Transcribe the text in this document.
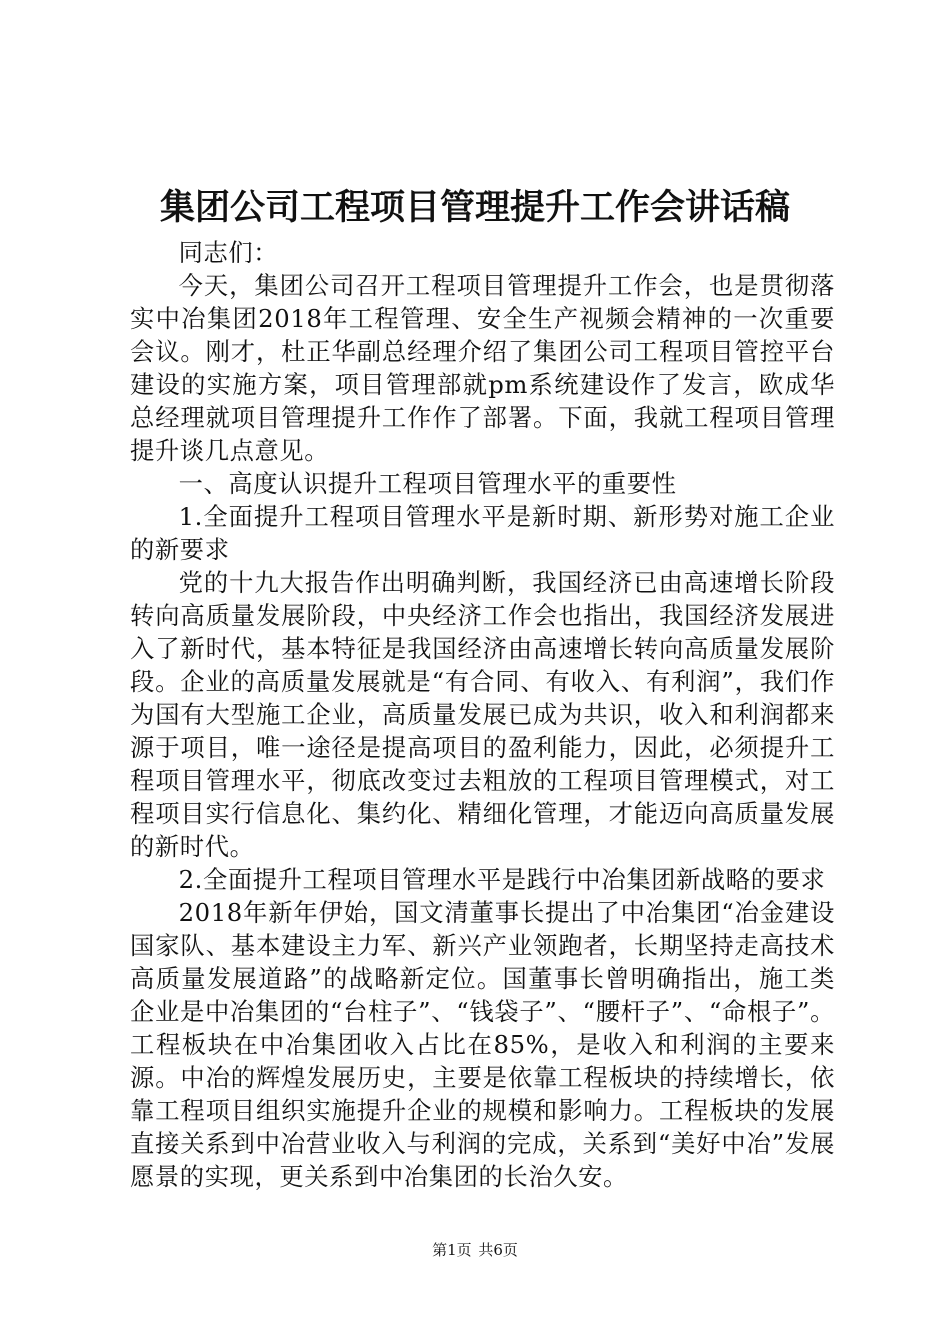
集团公司工程项目管理提升工作会讲话稿

同志们：

今天，集团公司召开工程项目管理提升工作会，也是贯彻落实中冶集团2018年工程管理、安全生产视频会精神的一次重要会议。刚才，杜正华副总经理介绍了集团公司工程项目管控平台建设的实施方案，项目管理部就pm系统建设作了发言，欧成华总经理就项目管理提升工作作了部署。下面，我就工程项目管理提升谈几点意见。

一、高度认识提升工程项目管理水平的重要性

1.全面提升工程项目管理水平是新时期、新形势对施工企业的新要求

党的十九大报告作出明确判断，我国经济已由高速增长阶段转向高质量发展阶段，中央经济工作会也指出，我国经济发展进入了新时代，基本特征是我国经济由高速增长转向高质量发展阶段。企业的高质量发展就是“有合同、有收入、有利润”，我们作为国有大型施工企业，高质量发展已成为共识，收入和利润都来源于项目，唯一途径是提高项目的盈利能力，因此，必须提升工程项目管理水平，彻底改变过去粗放的工程项目管理模式，对工程项目实行信息化、集约化、精细化管理，才能迈向高质量发展的新时代。

2.全面提升工程项目管理水平是践行中冶集团新战略的要求

2018年新年伊始，国文清董事长提出了中冶集团“冶金建设国家队、基本建设主力军、新兴产业领跑者，长期坚持走高技术高质量发展道路”的战略新定位。国董事长曾明确指出，施工类企业是中冶集团的“台柱子”、“钱袋子”、“腰杆子”、“命根子”。工程板块在中冶集团收入占比在85%，是收入和利润的主要来源。中冶的辉煌发展历史，主要是依靠工程板块的持续增长，依靠工程项目组织实施提升企业的规模和影响力。工程板块的发展直接关系到中冶营业收入与利润的完成，关系到“美好中冶”发展愿景的实现，更关系到中冶集团的长治久安。

第1页 共6页
